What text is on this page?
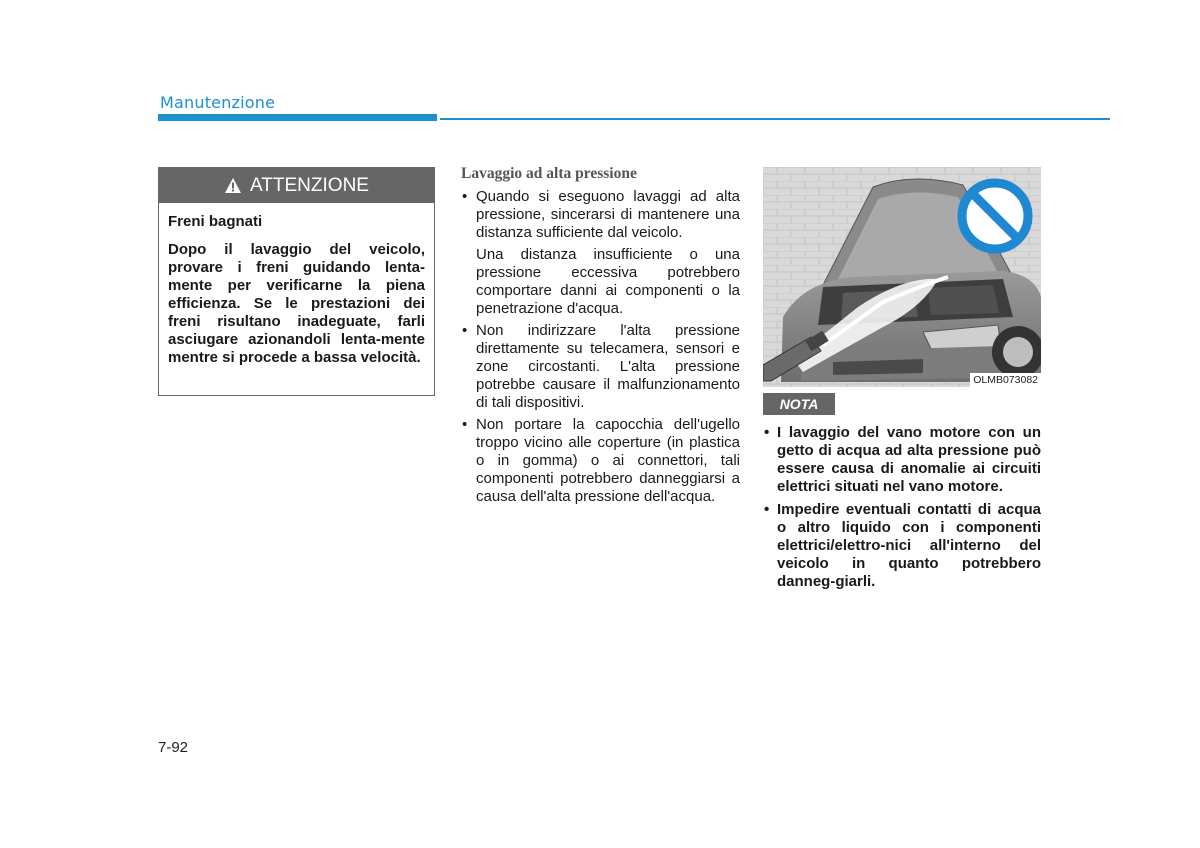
Manutenzione
ATTENZIONE

Freni bagnati

Dopo il lavaggio del veicolo, provare i freni guidando lenta-mente per verificarne la piena efficienza. Se le prestazioni dei freni risultano inadeguate, farli asciugare azionandoli lenta-mente mentre si procede a bassa velocità.

Lavaggio ad alta pressione

• Quando si eseguono lavaggi ad alta pressione, sincerarsi di mantenere una distanza sufficiente dal veicolo.

Una distanza insufficiente o una pressione eccessiva potrebbero comportare danni ai componenti o la penetrazione d'acqua.

• Non indirizzare l'alta pressione direttamente su telecamera, sensori e zone circostanti. L'alta pressione potrebbe causare il malfunzionamento di tali dispositivi.

• Non portare la capocchia dell'ugello troppo vicino alle coperture (in plastica o in gomma) o ai connettori, tali componenti potrebbero danneggiarsi a causa dell'alta pressione dell'acqua.

OLMB073082
NOTA
• I lavaggio del vano motore con un getto di acqua ad alta pressione può essere causa di anomalie ai circuiti elettrici situati nel vano motore.
• Impedire eventuali contatti di acqua o altro liquido con i componenti elettrici/elettro-nici all'interno del veicolo in quanto potrebbero danneg-giarli.
7-92
